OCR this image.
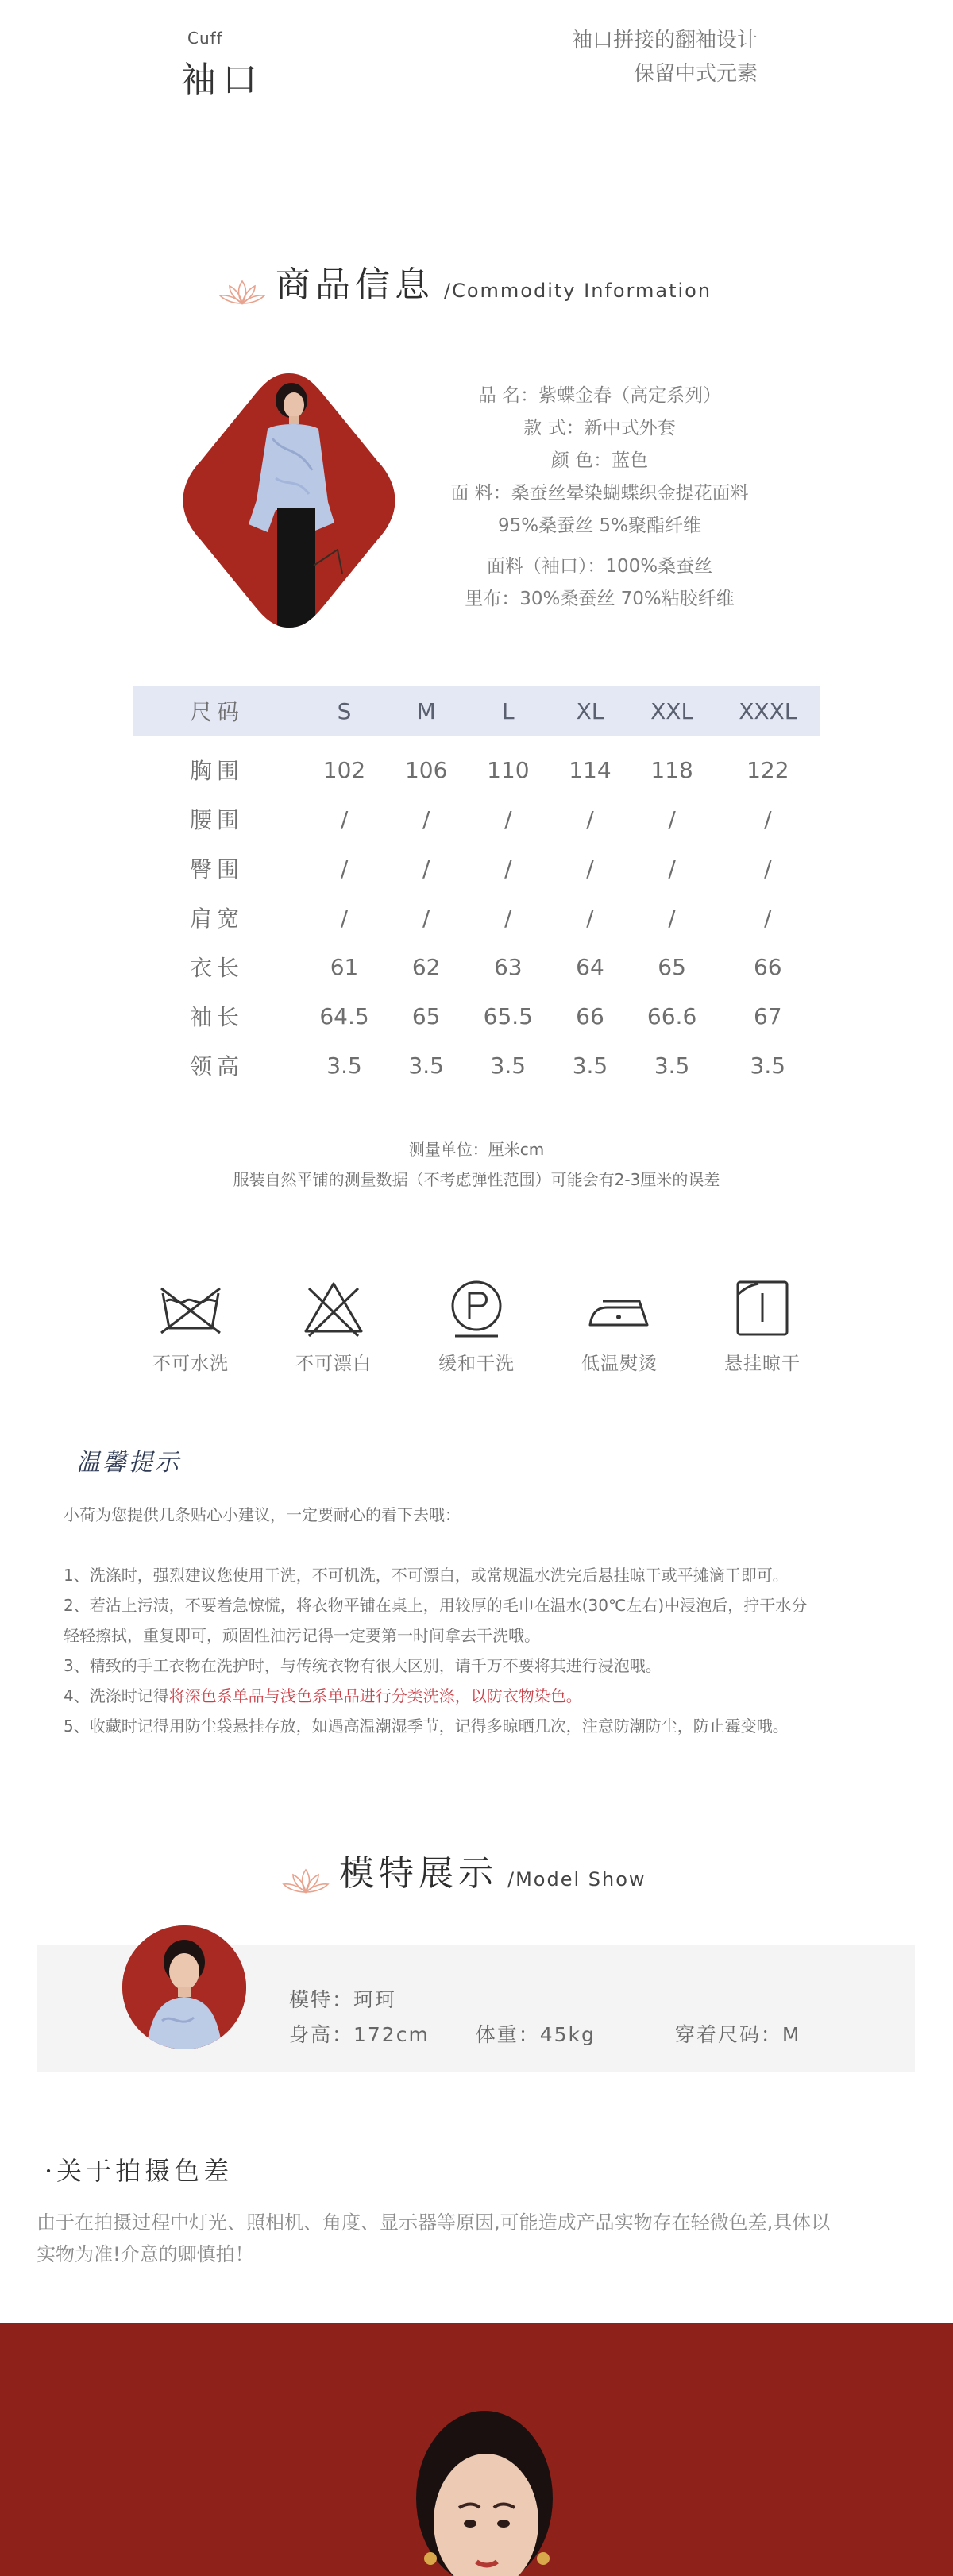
Cuff
袖口
袖口拼接的翻袖设计
保留中式元素
商品信息 /Commodity Information
品 名：紫蝶金春（高定系列）
款 式：新中式外套
颜 色：蓝色
面 料：桑蚕丝晕染蝴蝶织金提花面料
95%桑蚕丝 5%聚酯纤维
面料（袖口）：100%桑蚕丝
里布：30%桑蚕丝 70%粘胶纤维
尺码	S	M	L	XL	XXL	XXXL

胸围	102	106	110	114	118	122
腰围	/	/	/	/	/	/
臀围	/	/	/	/	/	/
肩宽	/	/	/	/	/	/
衣长	61	62	63	64	65	66
袖长	64.5	65	65.5	66	66.6	67
领高	3.5	3.5	3.5	3.5	3.5	3.5
测量单位：厘米cm
服装自然平铺的测量数据（不考虑弹性范围）可能会有2-3厘米的误差
不可水洗	不可漂白	缓和干洗	低温熨烫	悬挂晾干
温馨提示

小荷为您提供几条贴心小建议，一定要耐心的看下去哦：

1、洗涤时，强烈建议您使用干洗，不可机洗，不可漂白，或常规温水洗完后悬挂晾干或平摊滴干即可。

2、若沾上污渍，不要着急惊慌，将衣物平铺在桌上，用较厚的毛巾在温水(30℃左右)中浸泡后，拧干水分

轻轻擦拭，重复即可，顽固性油污记得一定要第一时间拿去干洗哦。

3、精致的手工衣物在洗护时，与传统衣物有很大区别，请千万不要将其进行浸泡哦。

4、洗涤时记得将深色系单品与浅色系单品进行分类洗涤，以防衣物染色。

5、收藏时记得用防尘袋悬挂存放，如遇高温潮湿季节，记得多晾晒几次，注意防潮防尘，防止霉变哦。

模特展示 /Model Show
模特：珂珂
身高：172cm 体重：45kg	穿着尺码：M
·关于拍摄色差
由于在拍摄过程中灯光、照相机、角度、显示器等原因,可能造成产品实物存在轻微色差,具体以
实物为准!介意的卿慎拍！
